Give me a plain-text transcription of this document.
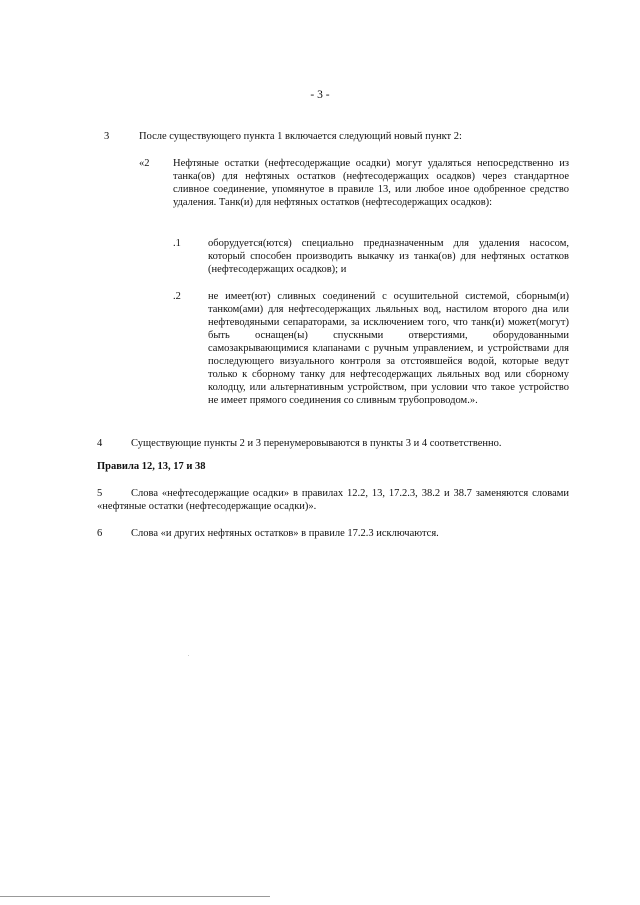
- 3 -
3	После существующего пункта 1 включается следующий новый пункт 2:
«2 Нефтяные остатки (нефтесодержащие осадки) могут удаляться непосредственно из танка(ов) для нефтяных остатков (нефтесодержащих осадков) через стандартное сливное соединение, упомянутое в правиле 13, или любое иное одобренное средство удаления. Танк(и) для нефтяных остатков (нефтесодержащих осадков):
.1	оборудуется(ются) специально предназначенным для удаления насосом, который способен производить выкачку из танка(ов) для нефтяных остатков (нефтесодержащих осадков); и
.2	не имеет(ют) сливных соединений с осушительной системой, сборным(и) танком(ами) для нефтесодержащих льяльных вод, настилом второго дна или нефтеводяными сепараторами, за исключением того, что танк(и) может(могут) быть оснащен(ы) спускными отверстиями, оборудованными самозакрывающимися клапанами с ручным управлением, и устройствами для последующего визуального контроля за отстоявшейся водой, которые ведут только к сборному танку для нефтесодержащих льяльных вод или сборному колодцу, или альтернативным устройством, при условии что такое устройство не имеет прямого соединения со сливным трубопроводом.».
4	Существующие пункты 2 и 3 перенумеровываются в пункты 3 и 4 соответственно.
Правила 12, 13, 17 и 38
5	Слова «нефтесодержащие осадки» в правилах 12.2, 13, 17.2.3, 38.2 и 38.7 заменяются словами «нефтяные остатки (нефтесодержащие осадки)».
6	Слова «и других нефтяных остатков» в правиле 17.2.3 исключаются.
